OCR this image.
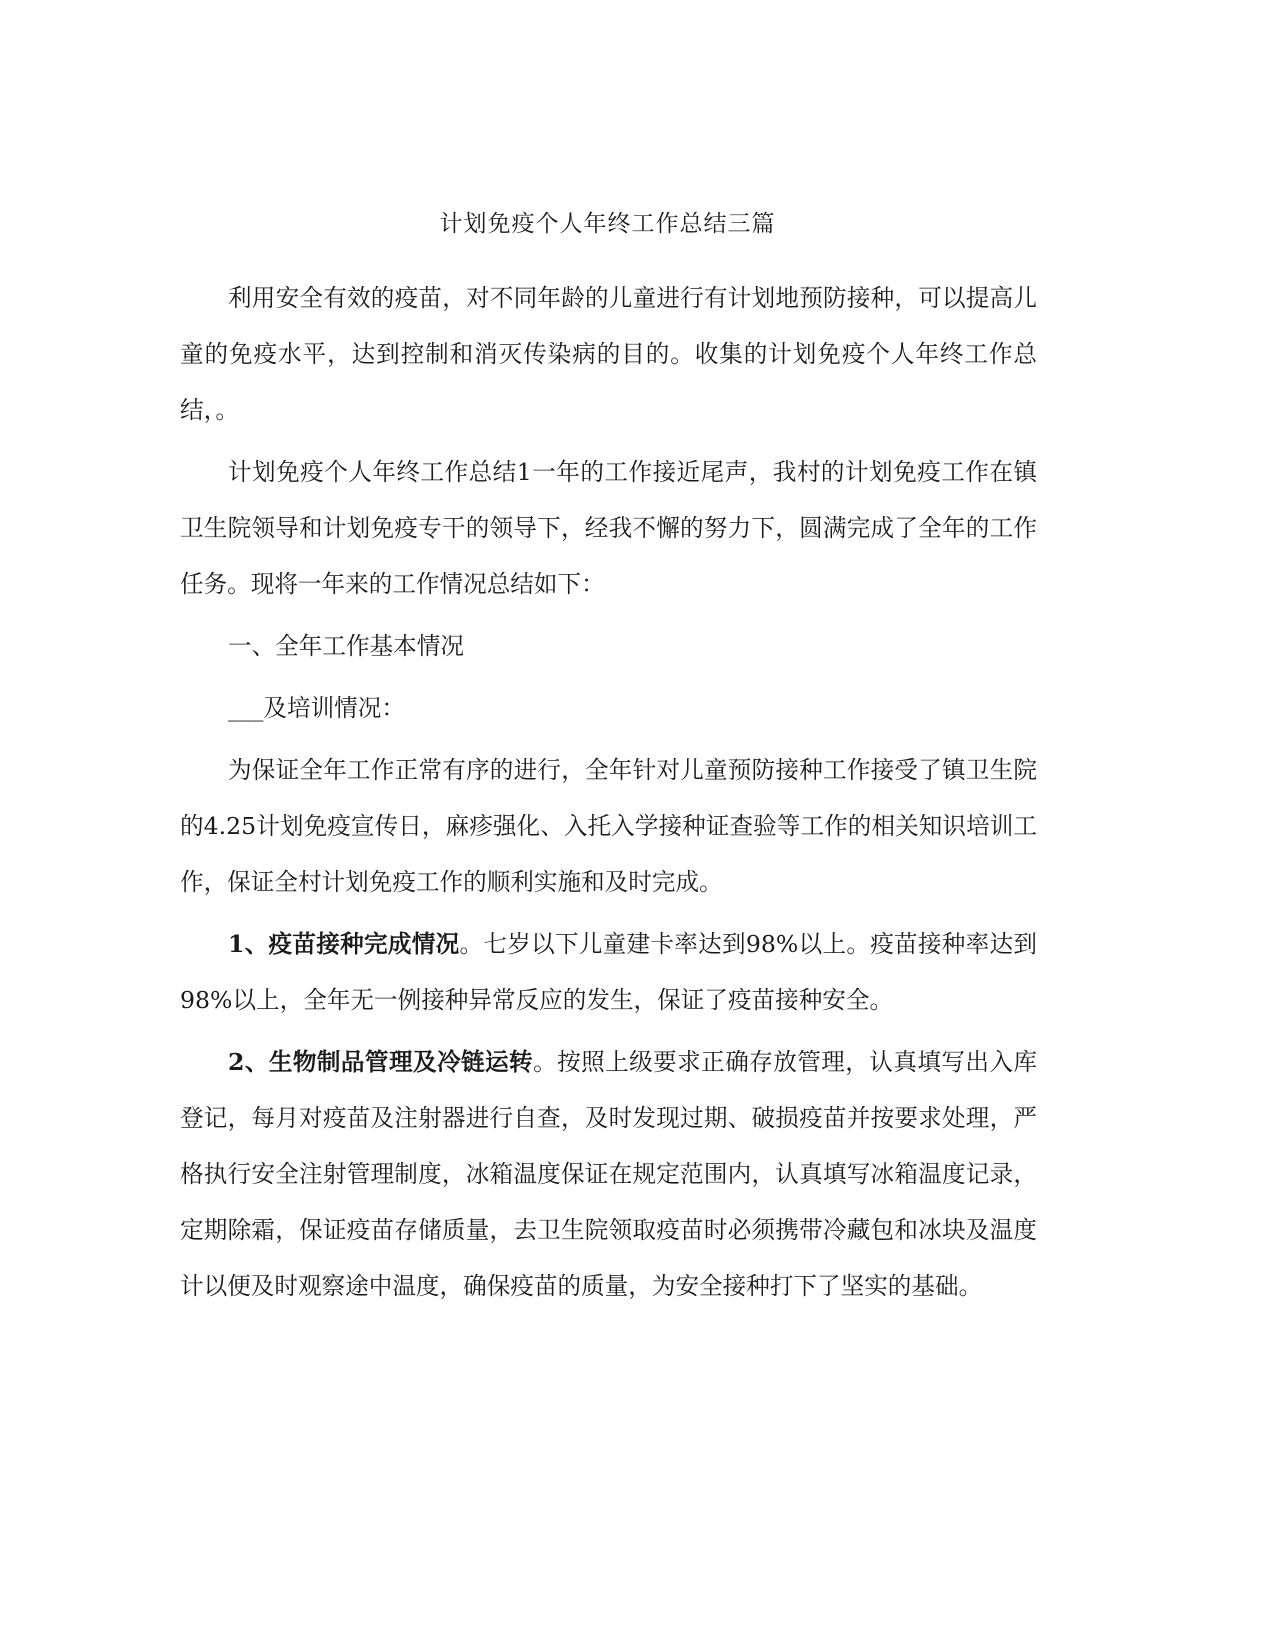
计划免疫个人年终工作总结三篇

利用安全有效的疫苗，对不同年龄的儿童进行有计划地预防接种，可以提高儿童的免疫水平，达到控制和消灭传染病的目的。收集的计划免疫个人年终工作总结，。

计划免疫个人年终工作总结1一年的工作接近尾声，我村的计划免疫工作在镇卫生院领导和计划免疫专干的领导下，经我不懈的努力下，圆满完成了全年的工作任务。现将一年来的工作情况总结如下：

一、全年工作基本情况

___及培训情况：

为保证全年工作正常有序的进行，全年针对儿童预防接种工作接受了镇卫生院的4.25计划免疫宣传日，麻疹强化、入托入学接种证查验等工作的相关知识培训工作，保证全村计划免疫工作的顺利实施和及时完成。

1、疫苗接种完成情况。七岁以下儿童建卡率达到98%以上。疫苗接种率达到98%以上，全年无一例接种异常反应的发生，保证了疫苗接种安全。

2、生物制品管理及冷链运转。按照上级要求正确存放管理，认真填写出入库登记，每月对疫苗及注射器进行自查，及时发现过期、破损疫苗并按要求处理，严格执行安全注射管理制度，冰箱温度保证在规定范围内，认真填写冰箱温度记录，定期除霜，保证疫苗存储质量，去卫生院领取疫苗时必须携带冷藏包和冰块及温度计以便及时观察途中温度，确保疫苗的质量，为安全接种打下了坚实的基础。
